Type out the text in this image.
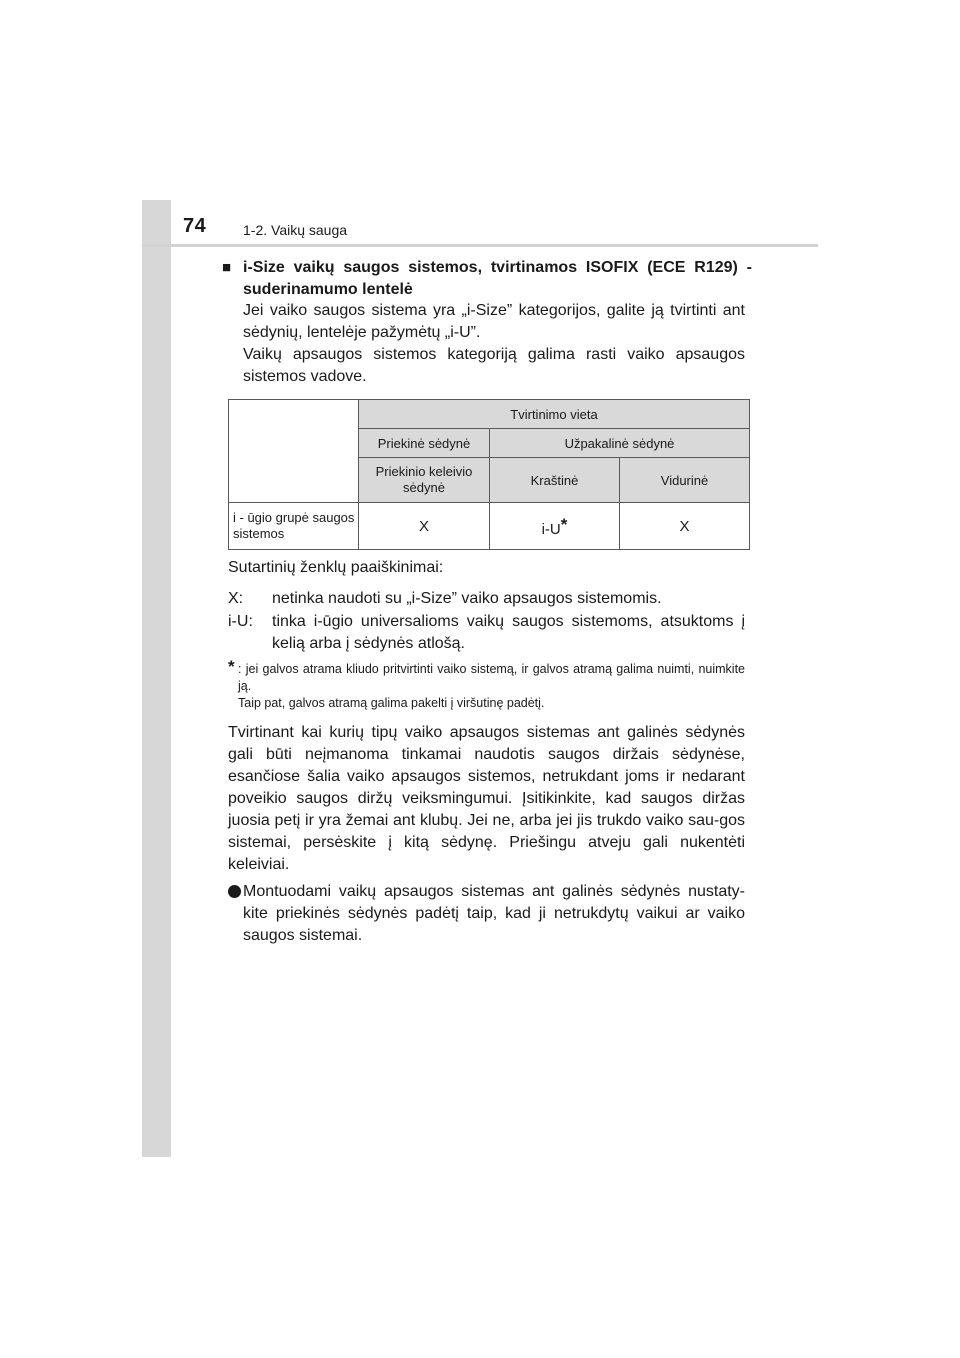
74	1-2. Vaikų sauga
■ i-Size vaikų saugos sistemos, tvirtinamos ISOFIX (ECE R129) - suderinamumo lentelė

Jei vaiko saugos sistema yra „i-Size” kategorijos, galite ją tvirtinti ant sėdynių, lentelėje pažymėtų „i-U”.

Vaikų apsaugos sistemos kategoriją galima rasti vaiko apsaugos sistemos vadove.

	Tvirtinimo vieta		
	Priekinė sėdynė	Užpakalinė sėdynė	
	Priekinio keleivio sėdynė	Kraštinė	Vidurinė
i - ūgio grupė saugos sistemos	X	i-U*	X
Sutartinių ženklų paaiškinimai:
X: netinka naudoti su „i-Size” vaiko apsaugos sistemomis.
i-U: tinka i-ūgio universalioms vaikų saugos sistemoms, atsuktoms į kelią arba į sėdynės atlošą.
* : jei galvos atrama kliudo pritvirtinti vaiko sistemą, ir galvos atramą galima nuimti, nuimkite ją.
Taip pat, galvos atramą galima pakelti į viršutinę padėtį.
Tvirtinant kai kurių tipų vaiko apsaugos sistemas ant galinės sėdynės gali būti neįmanoma tinkamai naudotis saugos diržais sėdynėse, esančiose šalia vaiko apsaugos sistemos, netrukdant joms ir nedarant poveikio saugos diržų veiksmingumui. Įsitikinkite, kad saugos diržas juosia petį ir yra žemai ant klubų. Jei ne, arba jei jis trukdo vaiko sau-gos sistemai, persėskite į kitą sėdynę. Priešingu atveju gali nukentėti keleiviai.
Montuodami vaikų apsaugos sistemas ant galinės sėdynės nustaty-kite priekinės sėdynės padėtį taip, kad ji netrukdytų vaikui ar vaiko saugos sistemai.
